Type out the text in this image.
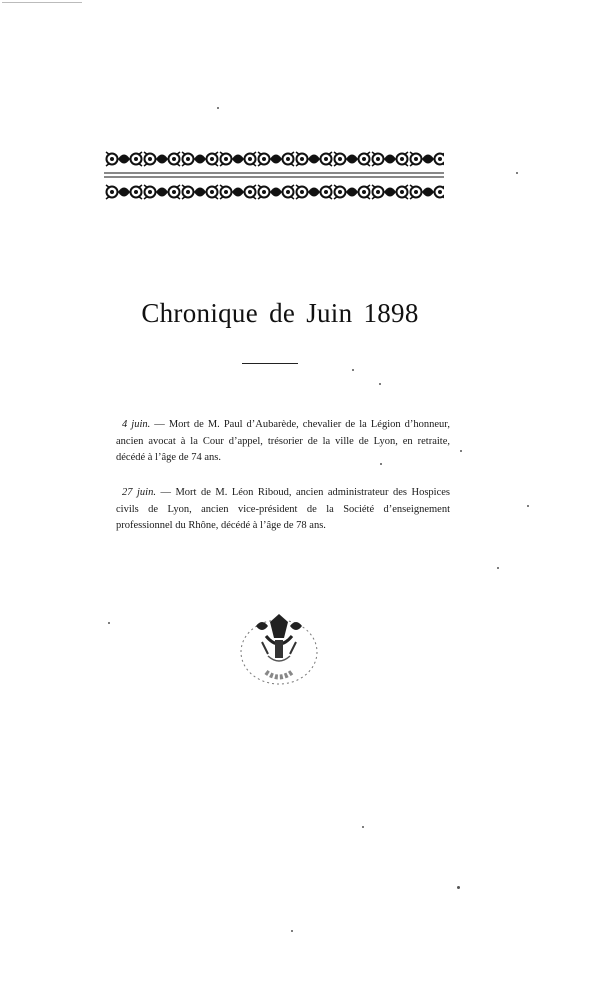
Chronique de Juin 1898

4 juin. — Mort de M. Paul d’Aubarède, chevalier de la Légion d’honneur, ancien avocat à la Cour d’appel, trésorier de la ville de Lyon, en retraite, décédé à l’âge de 74 ans.

27 juin. — Mort de M. Léon Riboud, ancien administrateur des Hospices civils de Lyon, ancien vice-président de la Société d’enseignement professionnel du Rhône, décédé à l’âge de 78 ans.
